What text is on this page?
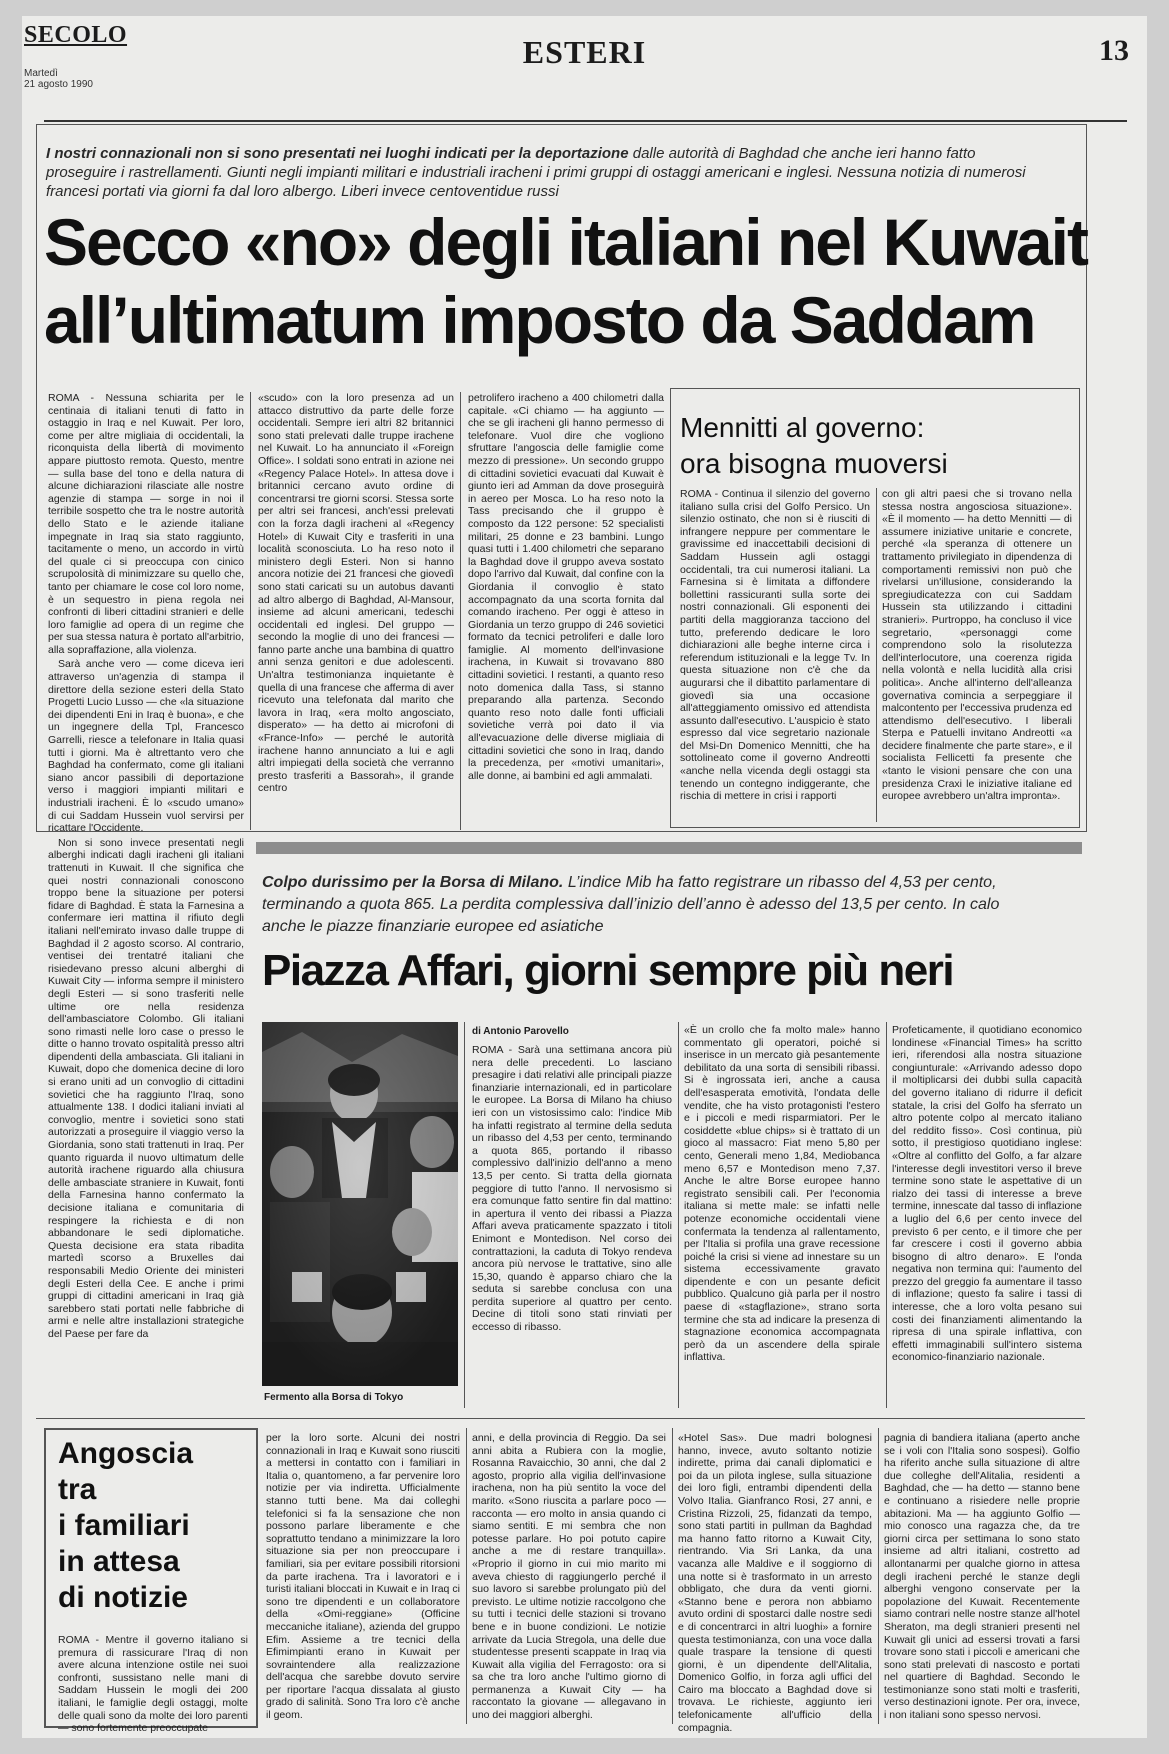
SECOLO
Martedì
21 agosto 1990
ESTERI	13
I nostri connazionali non si sono presentati nei luoghi indicati per la deportazione dalle autorità di Baghdad che anche ieri hanno fatto proseguire i rastrellamenti. Giunti negli impianti militari e industriali iracheni i primi gruppi di ostaggi americani e inglesi. Nessuna notizia di numerosi francesi portati via giorni fa dal loro albergo. Liberi invece centoventidue russi
Secco «no» degli italiani nel Kuwait
all’ultimatum imposto da Saddam

ROMA - Nessuna schiarita per le centinaia di italiani tenuti di fatto in ostaggio in Iraq e nel Kuwait. Per loro, come per altre migliaia di occidentali, la riconquista della libertà di movimento appare piuttosto remota. Questo, mentre — sulla base del tono e della natura di alcune dichiarazioni rilasciate alle nostre agenzie di stampa — sorge in noi il terribile sospetto che tra le nostre autorità dello Stato e le aziende italiane impegnate in Iraq sia stato raggiunto, tacitamente o meno, un accordo in virtù del quale ci si preoccupa con cinico scrupolosità di minimizzare su quello che, tanto per chiamare le cose col loro nome, è un sequestro in piena regola nei confronti di liberi cittadini stranieri e delle loro famiglie ad opera di un regime che per sua stessa natura è portato all'arbitrio, alla sopraffazione, alla violenza.

Sarà anche vero — come diceva ieri attraverso un'agenzia di stampa il direttore della sezione esteri della Stato Progetti Lucio Lusso — che «la situazione dei dipendenti Eni in Iraq è buona», e che un ingegnere della Tpl, Francesco Garrelli, riesce a telefonare in Italia quasi tutti i giorni. Ma è altrettanto vero che Baghdad ha confermato, come gli italiani siano ancor passibili di deportazione verso i maggiori impianti militari e industriali iracheni. È lo «scudo umano» di cui Saddam Hussein vuol servirsi per ricattare l'Occidente.

Non si sono invece presentati negli alberghi indicati dagli iracheni gli italiani trattenuti in Kuwait. Il che significa che quei nostri connazionali conoscono troppo bene la situazione per potersi fidare di Baghdad. È stata la Farnesina a confermare ieri mattina il rifiuto degli italiani nell'emirato invaso dalle truppe di Baghdad il 2 agosto scorso. Al contrario, ventisei dei trentatré italiani che risiedevano presso alcuni alberghi di Kuwait City — informa sempre il ministero degli Esteri — si sono trasferiti nelle ultime ore nella residenza dell'ambasciatore Colombo. Gli italiani sono rimasti nelle loro case o presso le ditte o hanno trovato ospitalità presso altri dipendenti della ambasciata. Gli italiani in Kuwait, dopo che domenica decine di loro si erano uniti ad un convoglio di cittadini sovietici che ha raggiunto l'Iraq, sono attualmente 138. I dodici italiani inviati al convoglio, mentre i sovietici sono stati autorizzati a proseguire il viaggio verso la Giordania, sono stati trattenuti in Iraq. Per quanto riguarda il nuovo ultimatum delle autorità irachene riguardo alla chiusura delle ambasciate straniere in Kuwait, fonti della Farnesina hanno confermato la decisione italiana e comunitaria di respingere la richiesta e di non abbandonare le sedi diplomatiche. Questa decisione era stata ribadita martedì scorso a Bruxelles dai responsabili Medio Oriente dei ministeri degli Esteri della Cee. E anche i primi gruppi di cittadini americani in Iraq già sarebbero stati portati nelle fabbriche di armi e nelle altre installazioni strategiche del Paese per fare da

«scudo» con la loro presenza ad un attacco distruttivo da parte delle forze occidentali. Sempre ieri altri 82 britannici sono stati prelevati dalle truppe irachene nel Kuwait. Lo ha annunciato il «Foreign Office». I soldati sono entrati in azione nei «Regency Palace Hotel». In attesa dove i britannici cercano avuto ordine di concentrarsi tre giorni scorsi. Stessa sorte per altri sei francesi, anch'essi prelevati con la forza dagli iracheni al «Regency Hotel» di Kuwait City e trasferiti in una località sconosciuta. Lo ha reso noto il ministero degli Esteri. Non si hanno ancora notizie dei 21 francesi che giovedì sono stati caricati su un autobus davanti ad altro albergo di Baghdad, Al-Mansour, insieme ad alcuni americani, tedeschi occidentali ed inglesi. Del gruppo — secondo la moglie di uno dei francesi — fanno parte anche una bambina di quattro anni senza genitori e due adolescenti. Un'altra testimonianza inquietante è quella di una francese che afferma di aver ricevuto una telefonata dal marito che lavora in Iraq, «era molto angosciato, disperato» — ha detto ai microfoni di «France-Info» — perché le autorità irachene hanno annunciato a lui e agli altri impiegati della società che verranno presto trasferiti a Bassorah», il grande centro
petrolifero iracheno a 400 chilometri dalla capitale. «Ci chiamo — ha aggiunto — che se gli iracheni gli hanno permesso di telefonare. Vuol dire che vogliono sfruttare l'angoscia delle famiglie come mezzo di pressione». Un secondo gruppo di cittadini sovietici evacuati dal Kuwait è giunto ieri ad Amman da dove proseguirà in aereo per Mosca. Lo ha reso noto la Tass precisando che il gruppo è composto da 122 persone: 52 specialisti militari, 25 donne e 23 bambini. Lungo quasi tutti i 1.400 chilometri che separano la Baghdad dove il gruppo aveva sostato dopo l'arrivo dal Kuwait, dal confine con la Giordania il convoglio è stato accompagnato da una scorta fornita dal comando iracheno. Per oggi è atteso in Giordania un terzo gruppo di 246 sovietici formato da tecnici petroliferi e dalle loro famiglie. Al momento dell'invasione irachena, in Kuwait si trovavano 880 cittadini sovietici. I restanti, a quanto reso noto domenica dalla Tass, si stanno preparando alla partenza. Secondo quanto reso noto dalle fonti ufficiali sovietiche verrà poi dato il via all'evacuazione delle diverse migliaia di cittadini sovietici che sono in Iraq, dando la precedenza, per «motivi umanitari», alle donne, ai bambini ed agli ammalati.
Mennitti al governo:
ora bisogna muoversi
ROMA - Continua il silenzio del governo italiano sulla crisi del Golfo Persico. Un silenzio ostinato, che non si è riusciti di infrangere neppure per commentare le gravissime ed inaccettabili decisioni di Saddam Hussein agli ostaggi occidentali, tra cui numerosi italiani. La Farnesina si è limitata a diffondere bollettini rassicuranti sulla sorte dei nostri connazionali. Gli esponenti dei partiti della maggioranza tacciono del tutto, preferendo dedicare le loro dichiarazioni alle beghe interne circa i referendum istituzionali e la legge Tv. In questa situazione non c'è che da augurarsi che il dibattito parlamentare di giovedì sia una occasione all'atteggiamento omissivo ed attendista assunto dall'esecutivo. L'auspicio è stato espresso dal vice segretario nazionale del Msi-Dn Domenico Mennitti, che ha sottolineato come il governo Andreotti «anche nella vicenda degli ostaggi sta tenendo un contegno indiggerante, che rischia di mettere in crisi i rapporti
con gli altri paesi che si trovano nella stessa nostra angosciosa situazione». «È il momento — ha detto Mennitti — di assumere iniziative unitarie e concrete, perché «la speranza di ottenere un trattamento privilegiato in dipendenza di comportamenti remissivi non può che rivelarsi un'illusione, considerando la spregiudicatezza con cui Saddam Hussein sta utilizzando i cittadini stranieri». Purtroppo, ha concluso il vice segretario, «personaggi come comprendono solo la risolutezza dell'interlocutore, una coerenza rigida nella volontà e nella lucidità alla crisi politica». Anche all'interno dell'alleanza governativa comincia a serpeggiare il malcontento per l'eccessiva prudenza ed attendismo dell'esecutivo. I liberali Sterpa e Patuelli invitano Andreotti «a decidere finalmente che parte stare», e il socialista Fellicetti fa presente che «tanto le visioni pensare che con una presidenza Craxi le iniziative italiane ed europee avrebbero un'altra impronta».
Colpo durissimo per la Borsa di Milano. L’indice Mib ha fatto registrare un ribasso del 4,53 per cento, terminando a quota 865. La perdita complessiva dall’inizio dell’anno è adesso del 13,5 per cento. In calo anche le piazze finanziarie europee ed asiatiche
Piazza Affari, giorni sempre più neri
Fermento alla Borsa di Tokyo
di Antonio Parovello
ROMA - Sarà una settimana ancora più nera delle precedenti. Lo lasciano presagire i dati relativi alle principali piazze finanziarie internazionali, ed in particolare le europee. La Borsa di Milano ha chiuso ieri con un vistosissimo calo: l'indice Mib ha infatti registrato al termine della seduta un ribasso del 4,53 per cento, terminando a quota 865, portando il ribasso complessivo dall'inizio dell'anno a meno 13,5 per cento. Si tratta della giornata peggiore di tutto l'anno. Il nervosismo si era comunque fatto sentire fin dal mattino: in apertura il vento dei ribassi a Piazza Affari aveva praticamente spazzato i titoli Enimont e Montedison. Nel corso dei contrattazioni, la caduta di Tokyo rendeva ancora più nervose le trattative, sino alle 15,30, quando è apparso chiaro che la seduta si sarebbe conclusa con una perdita superiore al quattro per cento. Decine di titoli sono stati rinviati per eccesso di ribasso.
«È un crollo che fa molto male» hanno commentato gli operatori, poiché si inserisce in un mercato già pesantemente debilitato da una sorta di sensibili ribassi. Si è ingrossata ieri, anche a causa dell'esasperata emotività, l'ondata delle vendite, che ha visto protagonisti l'estero e i piccoli e medi risparmiatori. Per le cosiddette «blue chips» si è trattato di un gioco al massacro: Fiat meno 5,80 per cento, Generali meno 1,84, Mediobanca meno 6,57 e Montedison meno 7,37. Anche le altre Borse europee hanno registrato sensibili cali. Per l'economia italiana si mette male: se infatti nelle potenze economiche occidentali viene confermata la tendenza al rallentamento, per l'Italia si profila una grave recessione poiché la crisi si viene ad innestare su un sistema eccessivamente gravato dipendente e con un pesante deficit pubblico. Qualcuno già parla per il nostro paese di «stagflazione», strano sorta termine che sta ad indicare la presenza di stagnazione economica accompagnata però da un ascendere della spirale inflattiva.
Profeticamente, il quotidiano economico londinese «Financial Times» ha scritto ieri, riferendosi alla nostra situazione congiunturale: «Arrivando adesso dopo il moltiplicarsi dei dubbi sulla capacità del governo italiano di ridurre il deficit statale, la crisi del Golfo ha sferrato un altro potente colpo al mercato italiano del reddito fisso». Così continua, più sotto, il prestigioso quotidiano inglese: «Oltre al conflitto del Golfo, a far alzare l'interesse degli investitori verso il breve termine sono state le aspettative di un rialzo dei tassi di interesse a breve termine, innescate dal tasso di inflazione a luglio del 6,6 per cento invece del previsto 6 per cento, e il timore che per far crescere i costi il governo abbia bisogno di altro denaro». E l'onda negativa non termina qui: l'aumento del prezzo del greggio fa aumentare il tasso di inflazione; questo fa salire i tassi di interesse, che a loro volta pesano sui costi dei finanziamenti alimentando la ripresa di una spirale inflattiva, con effetti immaginabili sull'intero sistema economico-finanziario nazionale.
Angoscia
tra
i familiari
in attesa
di notizie
ROMA - Mentre il governo italiano si premura di rassicurare l'Iraq di non avere alcuna intenzione ostile nei suoi confronti, sussistano nelle mani di Saddam Hussein le mogli dei 200 italiani, le famiglie degli ostaggi, molte delle quali sono da molte dei loro parenti — sono fortemente preoccupate
per la loro sorte. Alcuni dei nostri connazionali in Iraq e Kuwait sono riusciti a mettersi in contatto con i familiari in Italia o, quantomeno, a far pervenire loro notizie per via indiretta. Ufficialmente stanno tutti bene. Ma dai colleghi telefonici si fa la sensazione che non possono parlare liberamente e che soprattutto tendano a minimizzare la loro situazione sia per non preoccupare i familiari, sia per evitare possibili ritorsioni da parte irachena. Tra i lavoratori e i turisti italiani bloccati in Kuwait e in Iraq ci sono tre dipendenti e un collaboratore della «Omi-reggiane» (Officine meccaniche italiane), azienda del gruppo Efim. Assieme a tre tecnici della Efimimpianti erano in Kuwait per sovraintendere alla realizzazione dell'acqua che sarebbe dovuto servire per riportare l'acqua dissalata al giusto grado di salinità. Sono Tra loro c'è anche il geom.
anni, e della provincia di Reggio. Da sei anni abita a Rubiera con la moglie, Rosanna Ravaicchio, 30 anni, che dal 2 agosto, proprio alla vigilia dell'invasione irachena, non ha più sentito la voce del marito. «Sono riuscita a parlare poco — racconta — ero molto in ansia quando ci siamo sentiti. E mi sembra che non potesse parlare. Ho poi potuto capire anche a me di restare tranquilla». «Proprio il giorno in cui mio marito mi aveva chiesto di raggiungerlo perché il suo lavoro si sarebbe prolungato più del previsto. Le ultime notizie raccolgono che su tutti i tecnici delle stazioni si trovano bene e in buone condizioni. Le notizie arrivate da Lucia Stregola, una delle due studentesse presenti scappate in Iraq via Kuwait alla vigilia del Ferragosto: ora si sa che tra loro anche l'ultimo giorno di permanenza a Kuwait City — ha raccontato la giovane — allegavano in uno dei maggiori alberghi.
«Hotel Sas». Due madri bolognesi hanno, invece, avuto soltanto notizie indirette, prima dai canali diplomatici e poi da un pilota inglese, sulla situazione dei loro figli, entrambi dipendenti della Volvo Italia. Gianfranco Rosi, 27 anni, e Cristina Rizzoli, 25, fidanzati da tempo, sono stati partiti in pullman da Baghdad ma hanno fatto ritorno a Kuwait City, rientrando. Via Sri Lanka, da una vacanza alle Maldive e il soggiorno di una notte si è trasformato in un arresto obbligato, che dura da venti giorni. «Stanno bene e perora non abbiamo avuto ordini di spostarci dalle nostre sedi e di concentrarci in altri luoghi» a fornire questa testimonianza, con una voce dalla quale traspare la tensione di questi giorni, è un dipendente dell'Alitalia, Domenico Golfio, in forza agli uffici del Cairo ma bloccato a Baghdad dove si trovava. Le richieste, aggiunto ieri telefonicamente all'ufficio della compagnia.
pagnia di bandiera italiana (aperto anche se i voli con l'Italia sono sospesi). Golfio ha riferito anche sulla situazione di altre due colleghe dell'Alitalia, residenti a Baghdad, che — ha detto — stanno bene e continuano a risiedere nelle proprie abitazioni. Ma — ha aggiunto Golfio — mio conosco una ragazza che, da tre giorni circa per settimana lo sono stato insieme ad altri italiani, costretto ad allontanarmi per qualche giorno in attesa degli iracheni perché le stanze degli alberghi vengono conservate per la popolazione del Kuwait. Recentemente siamo contrari nelle nostre stanze all'hotel Sheraton, ma degli stranieri presenti nel Kuwait gli unici ad essersi trovati a farsi trovare sono stati i piccoli e americani che sono stati prelevati di nascosto e portati nel quartiere di Baghdad. Secondo le testimonianze sono stati molti e trasferiti, verso destinazioni ignote. Per ora, invece, i non italiani sono spesso nervosi.
